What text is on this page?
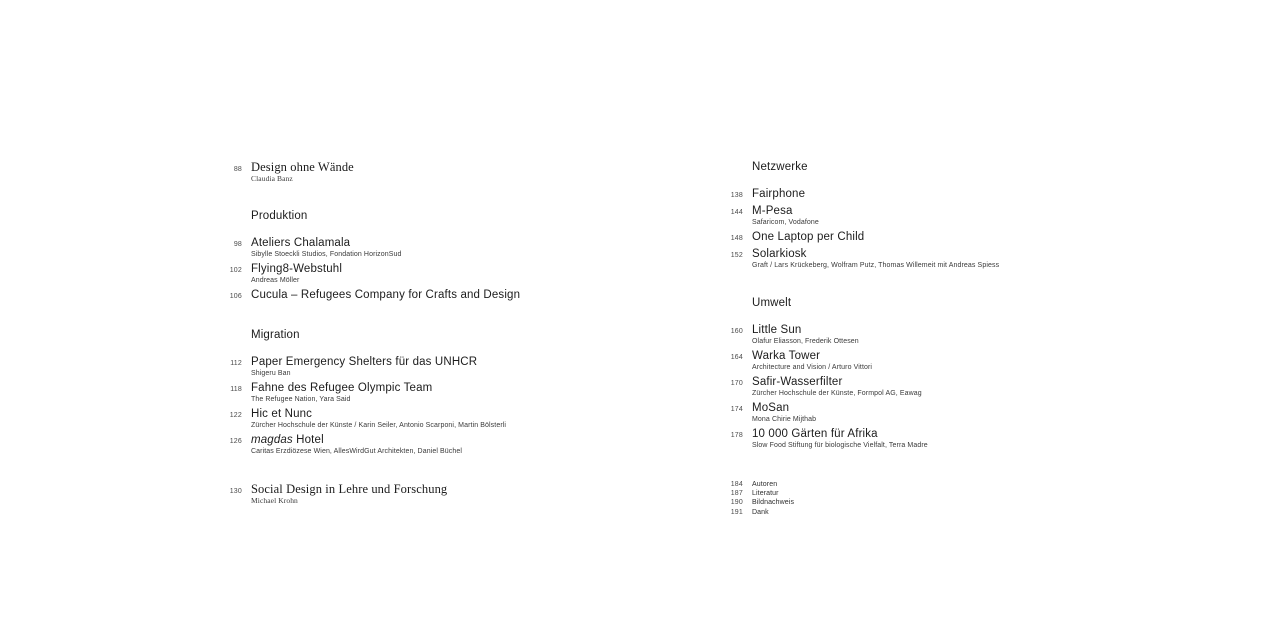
88 Design ohne Wände
Claudia Banz
Produktion
98 Ateliers Chalamala
Sibylle Stoeckli Studios, Fondation HorizonSud
102 Flying8-Webstuhl
Andreas Möller
106 Cucula – Refugees Company for Crafts and Design
Migration
112 Paper Emergency Shelters für das UNHCR
Shigeru Ban
118 Fahne des Refugee Olympic Team
The Refugee Nation, Yara Said
122 Hic et Nunc
Zürcher Hochschule der Künste / Karin Seiler, Antonio Scarponi, Martin Bölsterli
126 magdas Hotel
Caritas Erzdiözese Wien, AllesWirdGut Architekten, Daniel Büchel
130 Social Design in Lehre und Forschung
Michael Krohn
Netzwerke
138 Fairphone
144 M-Pesa
Safaricom, Vodafone
148 One Laptop per Child
152 Solarkiosk
Graft / Lars Krückeberg, Wolfram Putz, Thomas Willemeit mit Andreas Spiess
Umwelt
160 Little Sun
Olafur Eliasson, Frederik Ottesen
164 Warka Tower
Architecture and Vision / Arturo Vittori
170 Safir-Wasserfilter
Zürcher Hochschule der Künste, Formpol AG, Eawag
174 MoSan
Mona Chirie Mijthab
178 10 000 Gärten für Afrika
Slow Food Stiftung für biologische Vielfalt, Terra Madre
184 Autoren
187 Literatur
190 Bildnachweis
191 Dank
